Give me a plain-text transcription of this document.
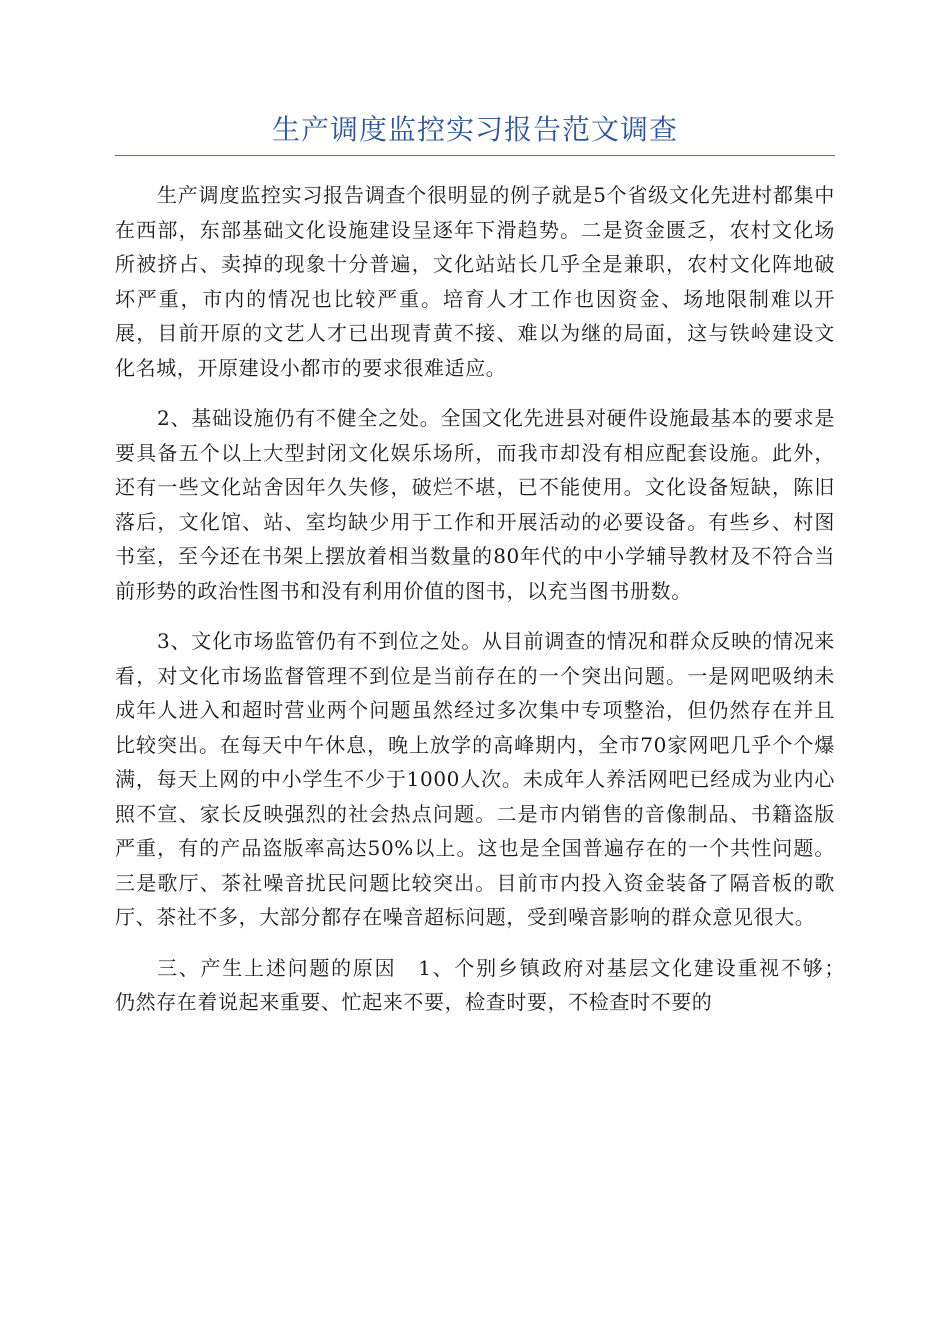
生产调度监控实习报告范文调查

生产调度监控实习报告调查个很明显的例子就是5个省级文化先进村都集中在西部，东部基础文化设施建设呈逐年下滑趋势。二是资金匮乏，农村文化场所被挤占、卖掉的现象十分普遍，文化站站长几乎全是兼职，农村文化阵地破坏严重，市内的情况也比较严重。培育人才工作也因资金、场地限制难以开展，目前开原的文艺人才已出现青黄不接、难以为继的局面，这与铁岭建设文化名城，开原建设小都市的要求很难适应。

2、基础设施仍有不健全之处。全国文化先进县对硬件设施最基本的要求是要具备五个以上大型封闭文化娱乐场所，而我市却没有相应配套设施。此外，还有一些文化站舍因年久失修，破烂不堪，已不能使用。文化设备短缺，陈旧落后，文化馆、站、室均缺少用于工作和开展活动的必要设备。有些乡、村图书室，至今还在书架上摆放着相当数量的80年代的中小学辅导教材及不符合当前形势的政治性图书和没有利用价值的图书，以充当图书册数。

3、文化市场监管仍有不到位之处。从目前调查的情况和群众反映的情况来看，对文化市场监督管理不到位是当前存在的一个突出问题。一是网吧吸纳未成年人进入和超时营业两个问题虽然经过多次集中专项整治，但仍然存在并且比较突出。在每天中午休息，晚上放学的高峰期内，全市70家网吧几乎个个爆满，每天上网的中小学生不少于1000人次。未成年人养活网吧已经成为业内心照不宣、家长反映强烈的社会热点问题。二是市内销售的音像制品、书籍盗版严重，有的产品盗版率高达50%以上。这也是全国普遍存在的一个共性问题。三是歌厅、茶社噪音扰民问题比较突出。目前市内投入资金装备了隔音板的歌厅、茶社不多，大部分都存在噪音超标问题，受到噪音影响的群众意见很大。

三、产生上述问题的原因　1、个别乡镇政府对基层文化建设重视不够；　仍然存在着说起来重要、忙起来不要，检查时要，不检查时不要的
